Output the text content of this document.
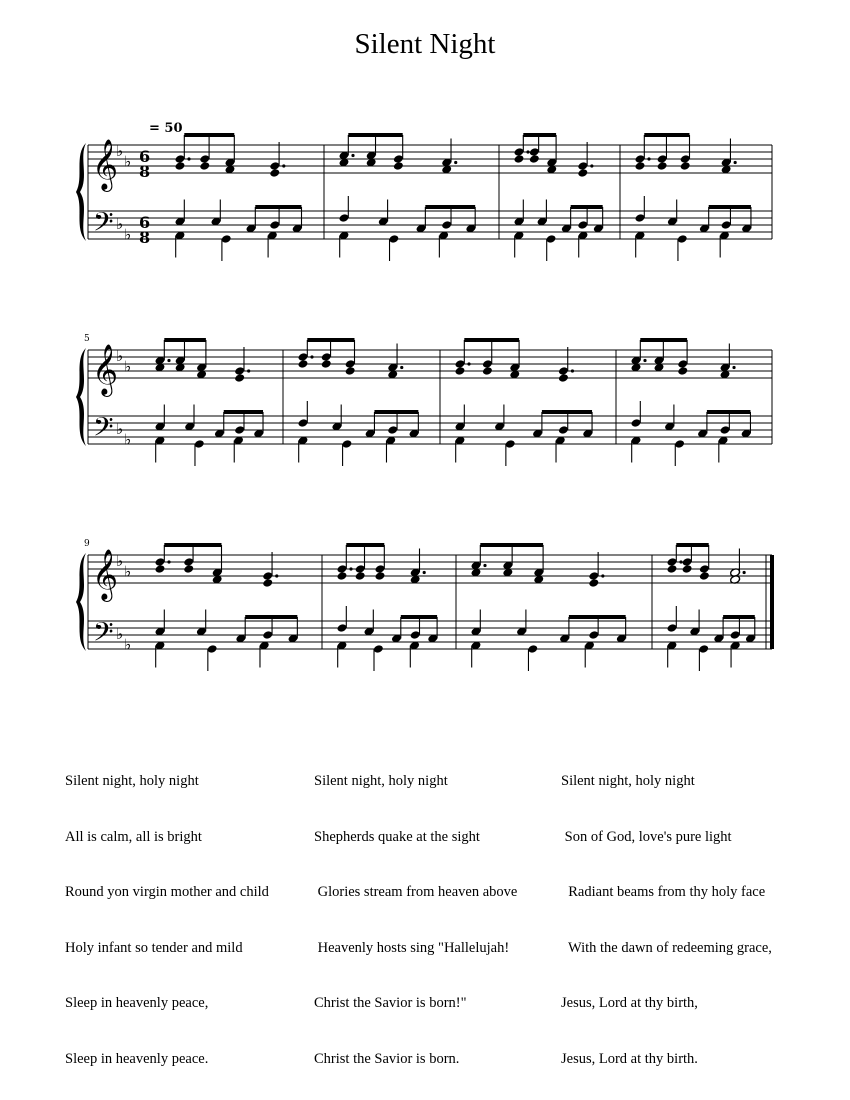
Silent Night
𝄞
𝄢
♭
♭
♭
♭
𝄞
𝄢
♭
♭
♭
♭
𝄞
𝄢
♭
♭
♭
♭
= 50
5
9
6
8
6
8

Silent night, holy night

All is calm, all is bright

Round yon virgin mother and child

Holy infant so tender and mild

Sleep in heavenly peace,

Sleep in heavenly peace.

Silent night, holy night

Shepherds quake at the sight

Glories stream from heaven above

Heavenly hosts sing "Hallelujah!

Christ the Savior is born!"

Christ the Savior is born.

Silent night, holy night

Son of God, love's pure light

Radiant beams from thy holy face

With the dawn of redeeming grace,

Jesus, Lord at thy birth,

Jesus, Lord at thy birth.
